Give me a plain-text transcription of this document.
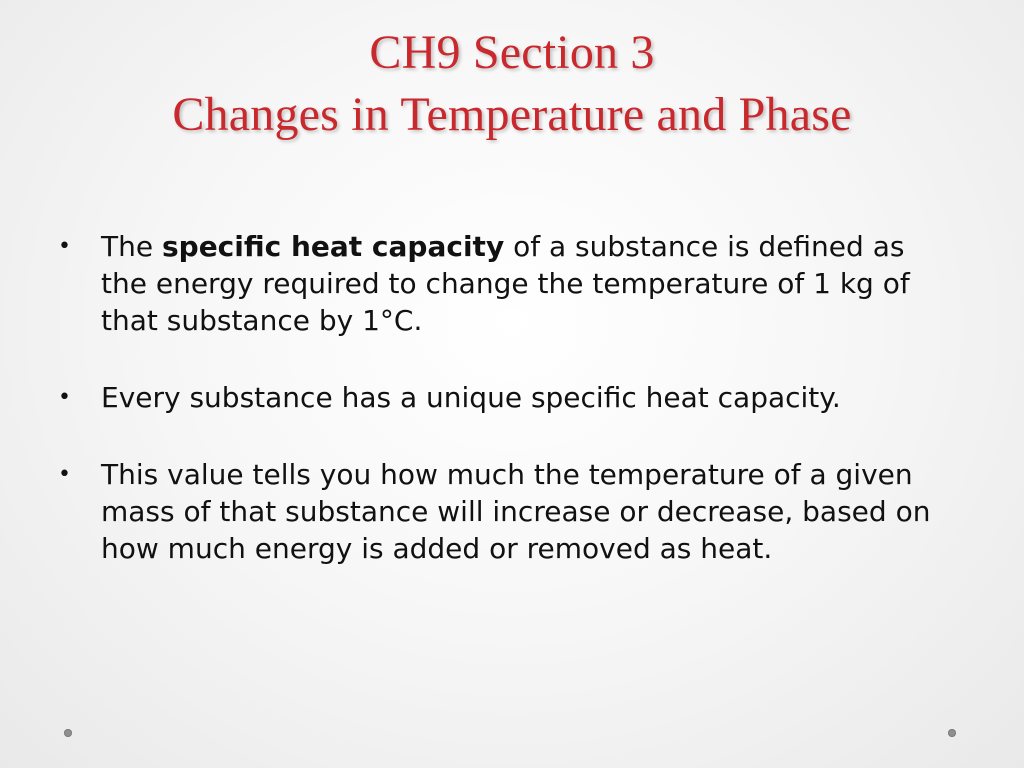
CH9 Section 3
Changes in Temperature and Phase
• The specific heat capacity of a substance is defined as the energy required to change the temperature of 1 kg of that substance by 1°C.
• Every substance has a unique specific heat capacity.
• This value tells you how much the temperature of a given mass of that substance will increase or decrease, based on how much energy is added or removed as heat.
